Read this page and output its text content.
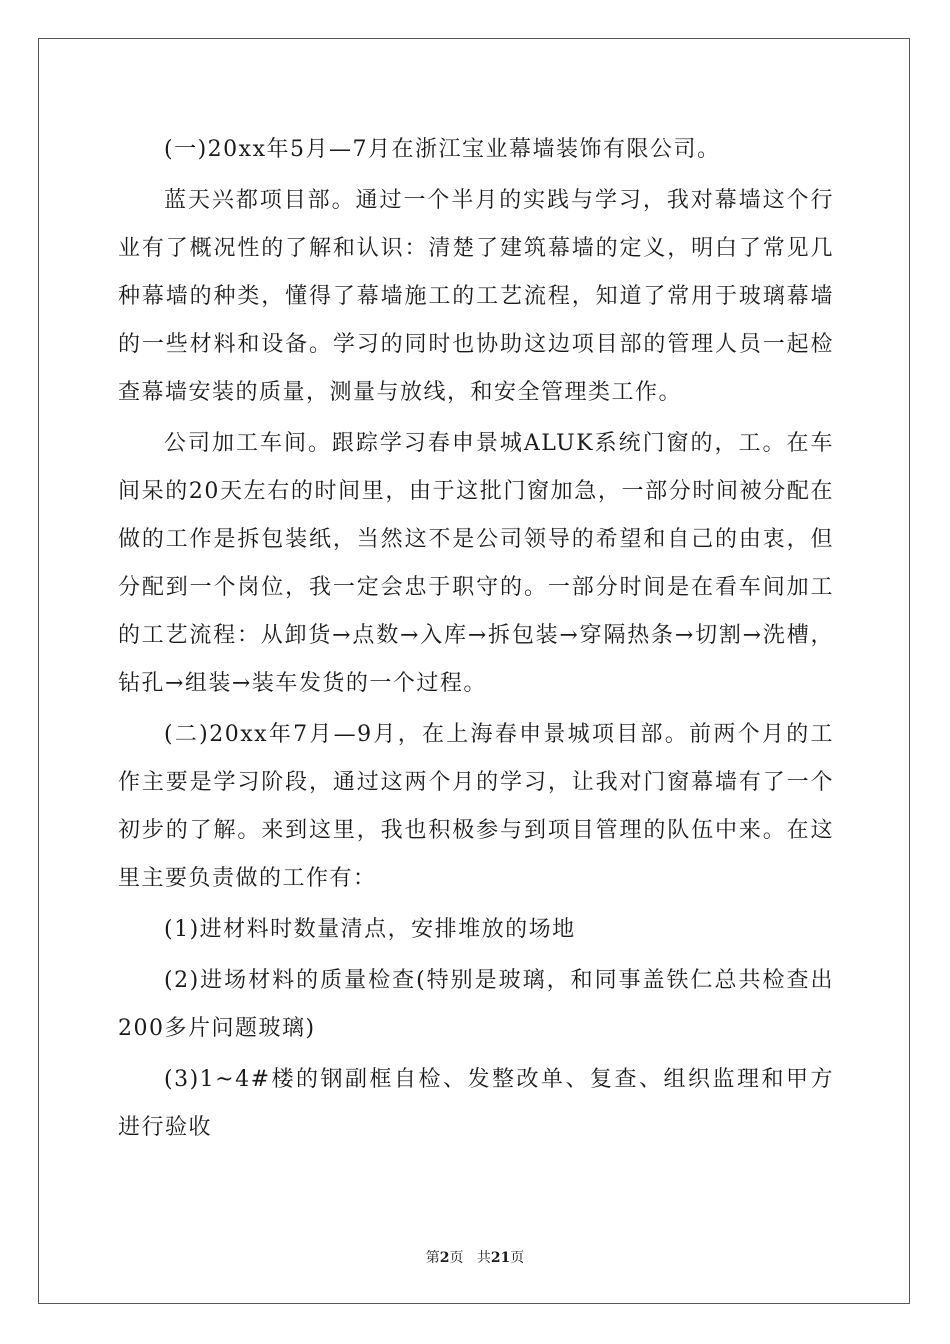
(一)20xx年5月—7月在浙江宝业幕墙装饰有限公司。

蓝天兴都项目部。通过一个半月的实践与学习，我对幕墙这个行业有了概况性的了解和认识：清楚了建筑幕墙的定义，明白了常见几种幕墙的种类，懂得了幕墙施工的工艺流程，知道了常用于玻璃幕墙的一些材料和设备。学习的同时也协助这边项目部的管理人员一起检查幕墙安装的质量，测量与放线，和安全管理类工作。

公司加工车间。跟踪学习春申景城ALUK系统门窗的，工。在车间呆的20天左右的时间里，由于这批门窗加急，一部分时间被分配在做的工作是拆包装纸，当然这不是公司领导的希望和自己的由衷，但分配到一个岗位，我一定会忠于职守的。一部分时间是在看车间加工的工艺流程：从卸货→点数→入库→拆包装→穿隔热条→切割→洗槽，钻孔→组装→装车发货的一个过程。

(二)20xx年7月—9月，在上海春申景城项目部。前两个月的工作主要是学习阶段，通过这两个月的学习，让我对门窗幕墙有了一个初步的了解。来到这里，我也积极参与到项目管理的队伍中来。在这里主要负责做的工作有：

(1)进材料时数量清点，安排堆放的场地

(2)进场材料的质量检查(特别是玻璃，和同事盖铁仁总共检查出200多片问题玻璃)

(3)1~4#楼的钢副框自检、发整改单、复查、组织监理和甲方进行验收

第2页 共21页
